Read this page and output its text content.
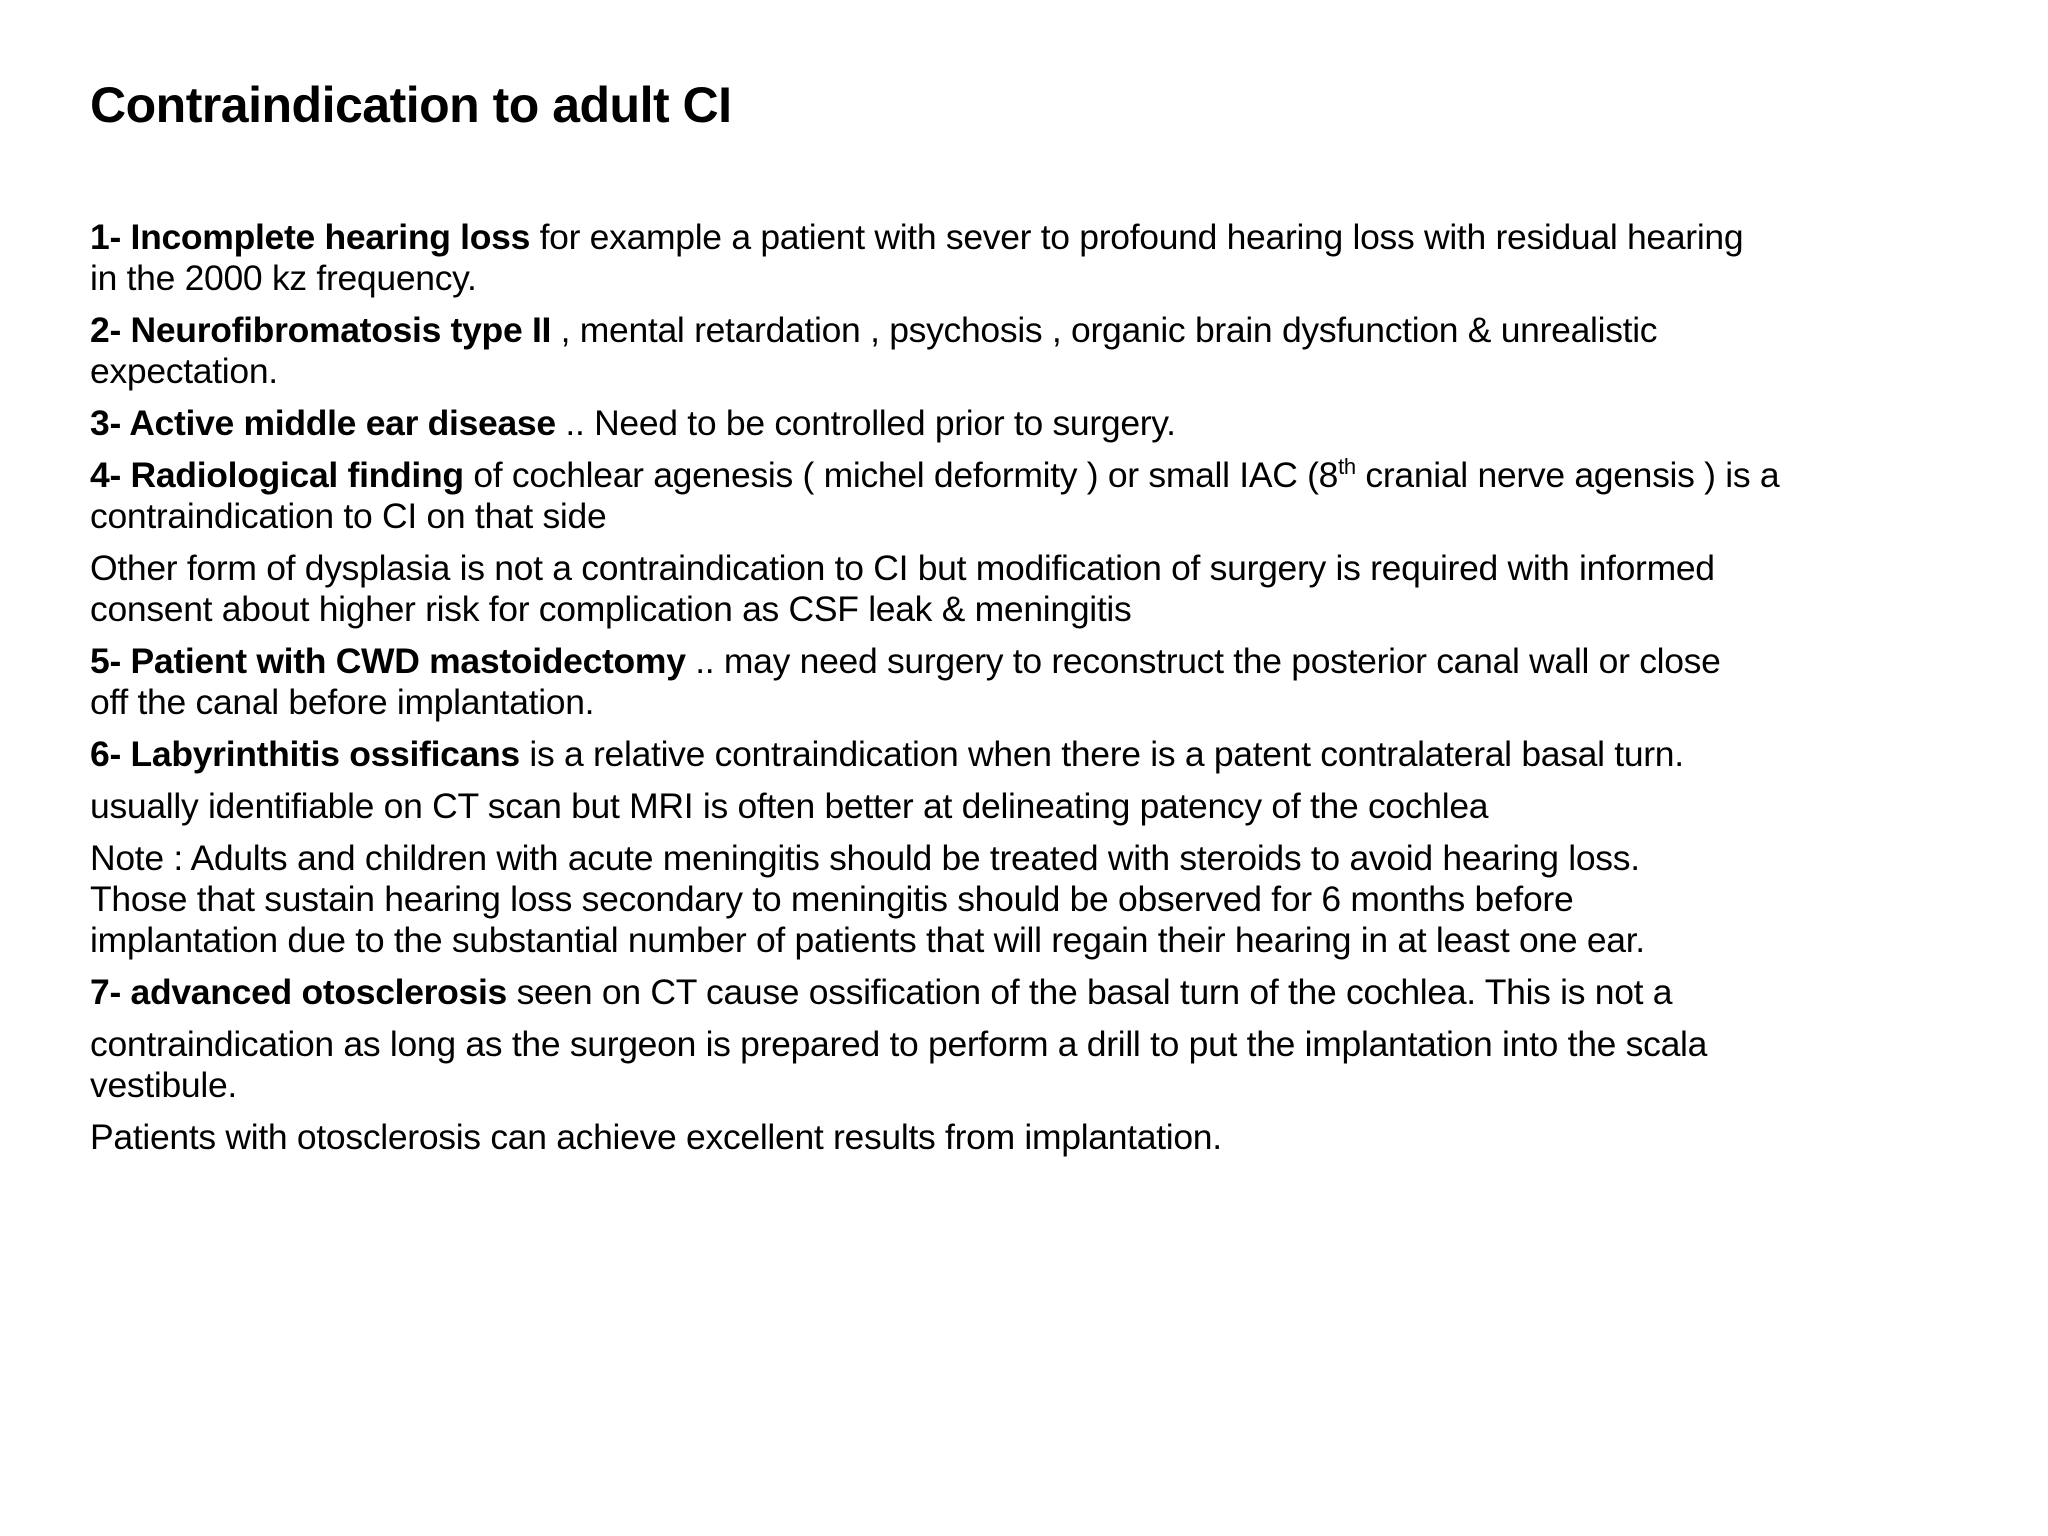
Contraindication to adult CI

1- Incomplete hearing loss for example a patient with sever to profound hearing loss with residual hearing
in the 2000 kz frequency.

2- Neurofibromatosis type II , mental retardation , psychosis , organic brain dysfunction & unrealistic
expectation.

3- Active middle ear disease .. Need to be controlled prior to surgery.

4- Radiological finding of cochlear agenesis ( michel deformity ) or small IAC (8th cranial nerve agensis ) is a
contraindication to CI on that side

Other form of dysplasia is not a contraindication to CI but modification of surgery is required with informed
consent about higher risk for complication as CSF leak & meningitis

5- Patient with CWD mastoidectomy .. may need surgery to reconstruct the posterior canal wall or close
off the canal before implantation.

6- Labyrinthitis ossificans is a relative contraindication when there is a patent contralateral basal turn.

usually identifiable on CT scan but MRI is often better at delineating patency of the cochlea

Note : Adults and children with acute meningitis should be treated with steroids to avoid hearing loss.
Those that sustain hearing loss secondary to meningitis should be observed for 6 months before
implantation due to the substantial number of patients that will regain their hearing in at least one ear.

7- advanced otosclerosis seen on CT cause ossification of the basal turn of the cochlea. This is not a

contraindication as long as the surgeon is prepared to perform a drill to put the implantation into the scala
vestibule.

Patients with otosclerosis can achieve excellent results from implantation.
